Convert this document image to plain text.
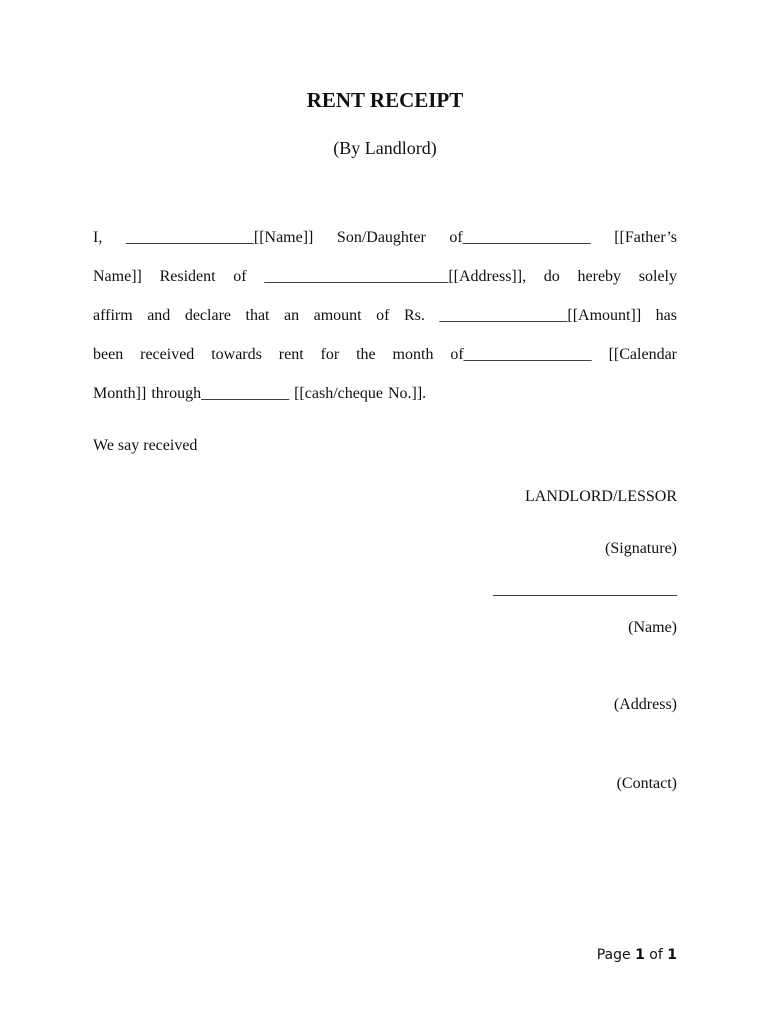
RENT RECEIPT
(By Landlord)
I, ________________[[Name]] Son/Daughter of________________ [[Father’s
Name]] Resident of _______________________[[Address]], do hereby solely
affirm and declare that an amount of Rs. ________________[[Amount]] has
been received towards rent for the month of________________ [[Calendar
Month]] through___________ [[cash/cheque No.]].
We say received
LANDLORD/LESSOR
(Signature)
_______________________
(Name)
(Address)
(Contact)
Page 1 of 1
